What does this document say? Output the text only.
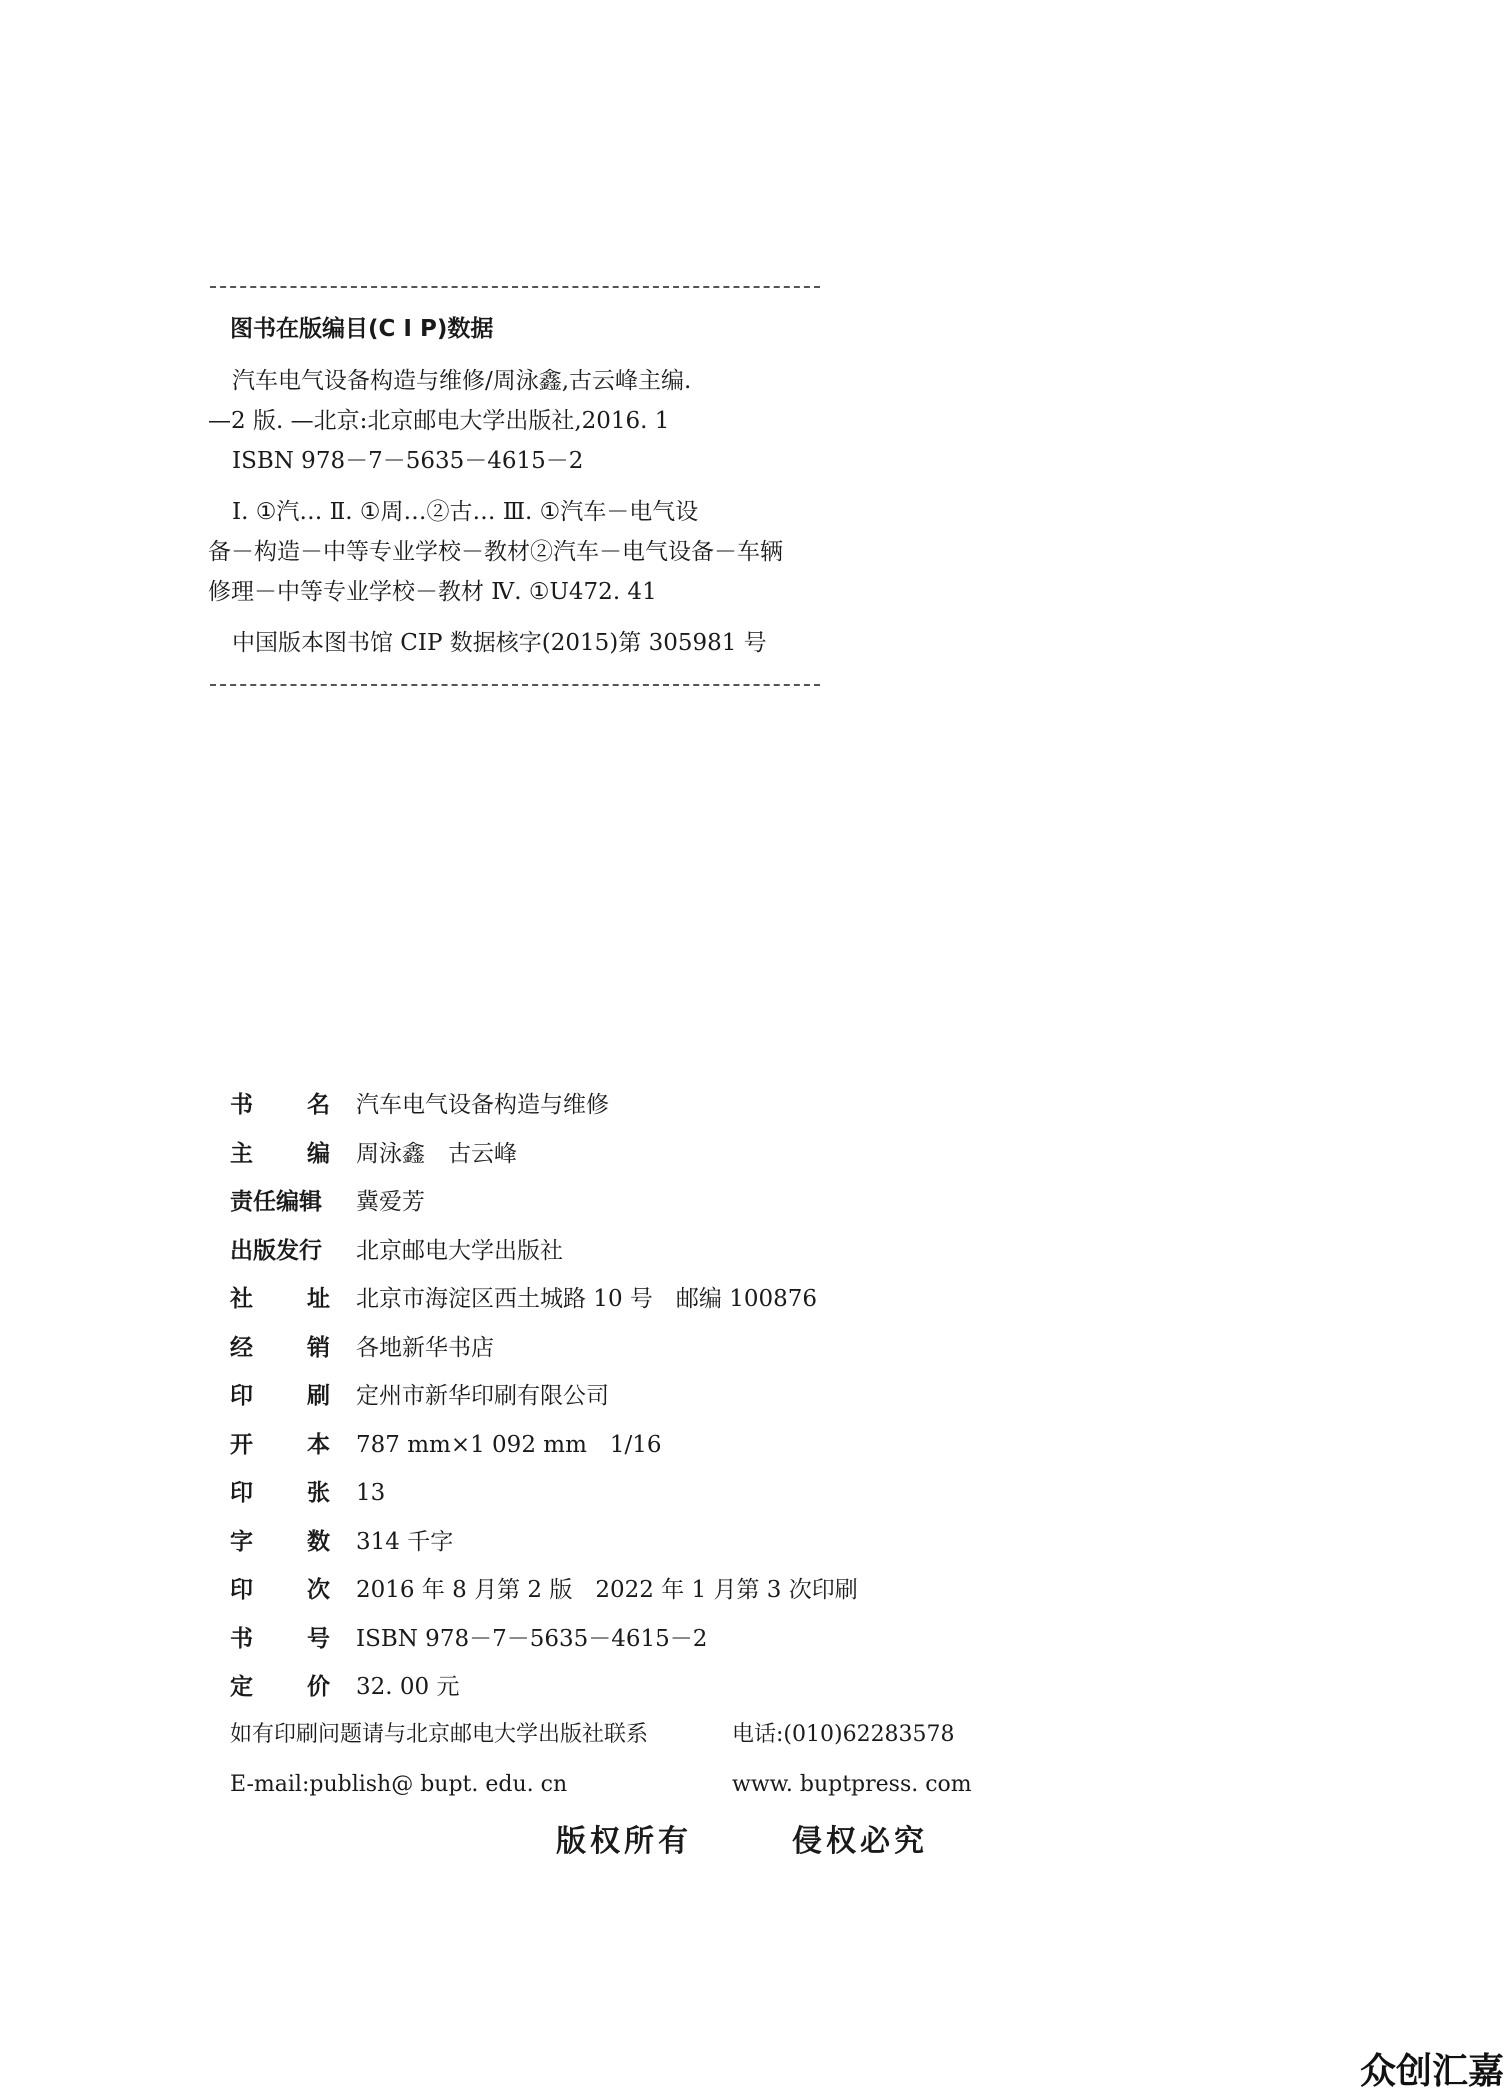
图书在版编目(C I P)数据
汽车电气设备构造与维修/周泳鑫,古云峰主编.
—2 版. —北京:北京邮电大学出版社,2016. 1
ISBN 978－7－5635－4615－2
Ⅰ. ①汽… Ⅱ. ①周…②古… Ⅲ. ①汽车－电气设
备－构造－中等专业学校－教材②汽车－电气设备－车辆
修理－中等专业学校－教材 Ⅳ. ①U472. 41
中国版本图书馆 CIP 数据核字(2015)第 305981 号
书 名 汽车电气设备构造与维修
主 编 周泳鑫　古云峰
责任编辑 冀爱芳
出版发行 北京邮电大学出版社
社 址 北京市海淀区西土城路 10 号　邮编 100876
经 销 各地新华书店
印 刷 定州市新华印刷有限公司
开 本 787 mm×1 092 mm　1/16
印 张 13
字 数 314 千字
印 次 2016 年 8 月第 2 版　2022 年 1 月第 3 次印刷
书 号 ISBN 978－7－5635－4615－2
定 价 32. 00 元
如有印刷问题请与北京邮电大学出版社联系	电话:(010)62283578
E-mail:publish@ bupt. edu. cn	www. buptpress. com
版权所有	侵权必究
众创汇嘉
